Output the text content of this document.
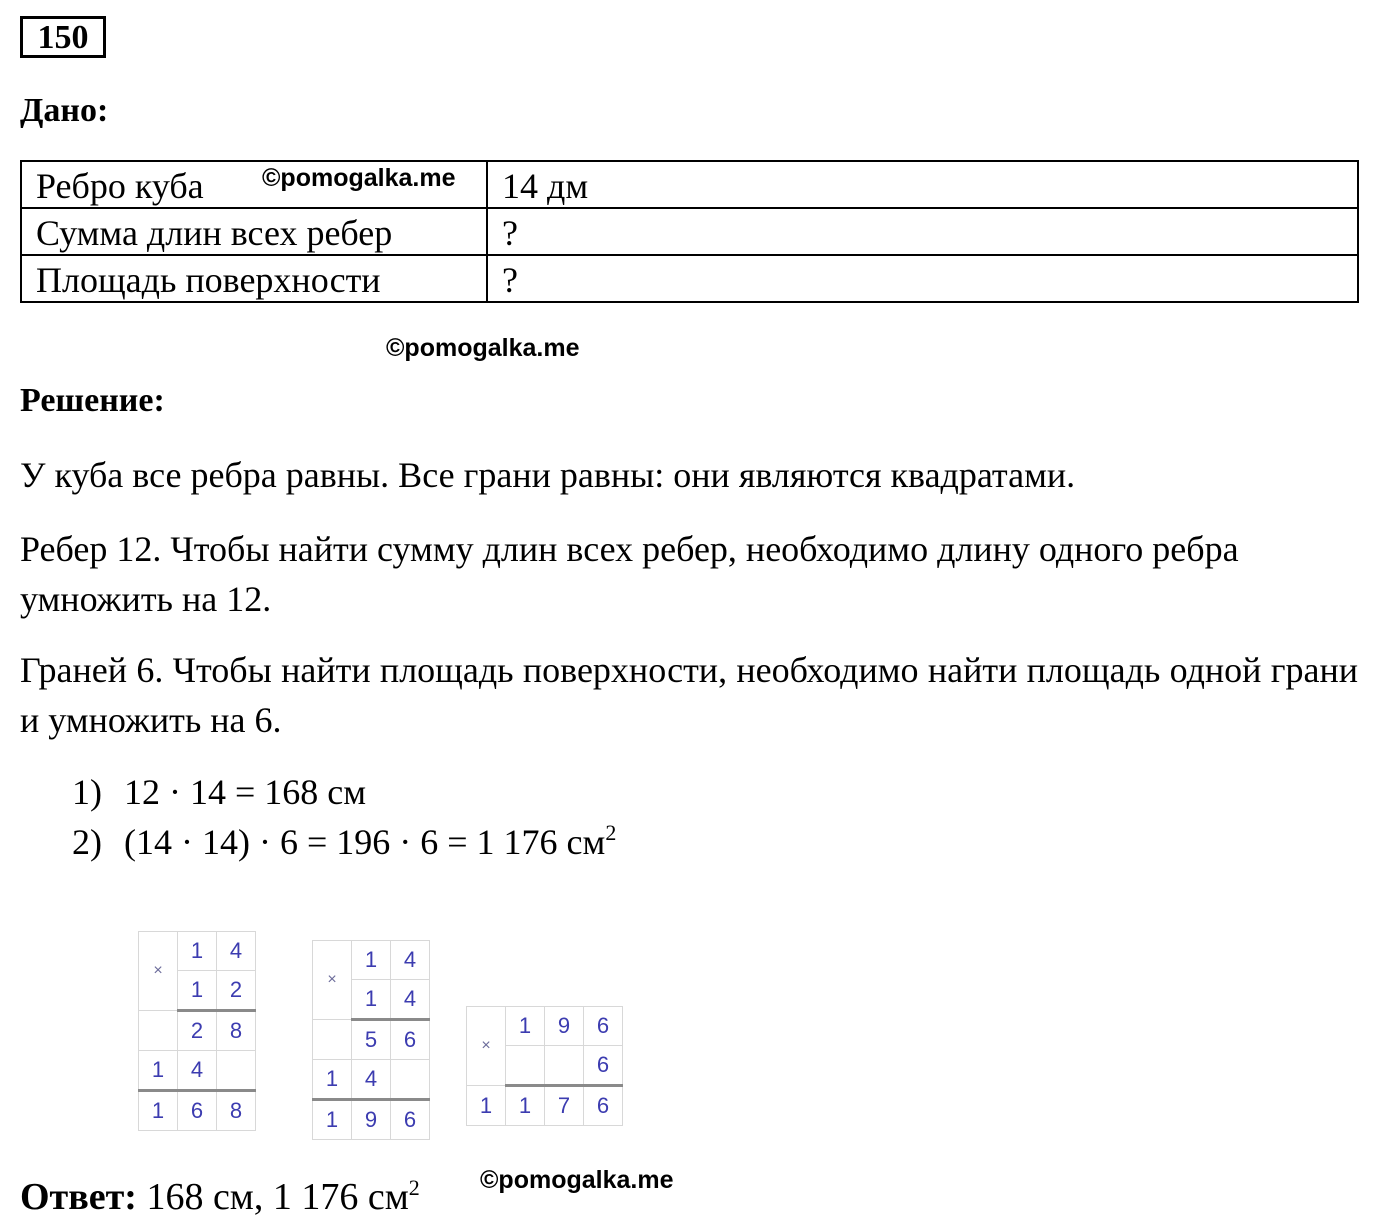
150
Дано:
Ребро куба ©pomogalka.me	14 дм
Сумма длин всех ребер	?
Площадь поверхности	?
©pomogalka.me
Решение:
У куба все ребра равны. Все грани равны: они являются квадратами.
Ребер 12. Чтобы найти сумму длин всех ребер, необходимо длину одного ребра умножить на 12.
Граней 6. Чтобы найти площадь поверхности, необходимо найти площадь одной грани и умножить на 6.
1) 12 · 14 = 168 см
2) (14 · 14) · 6 = 196 · 6 = 1 176 $см^2$
×	1	4
	1	2
	2	8
1	4	
1	6	8
×	1	4
	1	4
	5	6
1	4	
1	9	6
×	1	9	6
			6
1	1	7	6
Ответ: 168 см, 1 176 $см^2$ ©pomogalka.me
